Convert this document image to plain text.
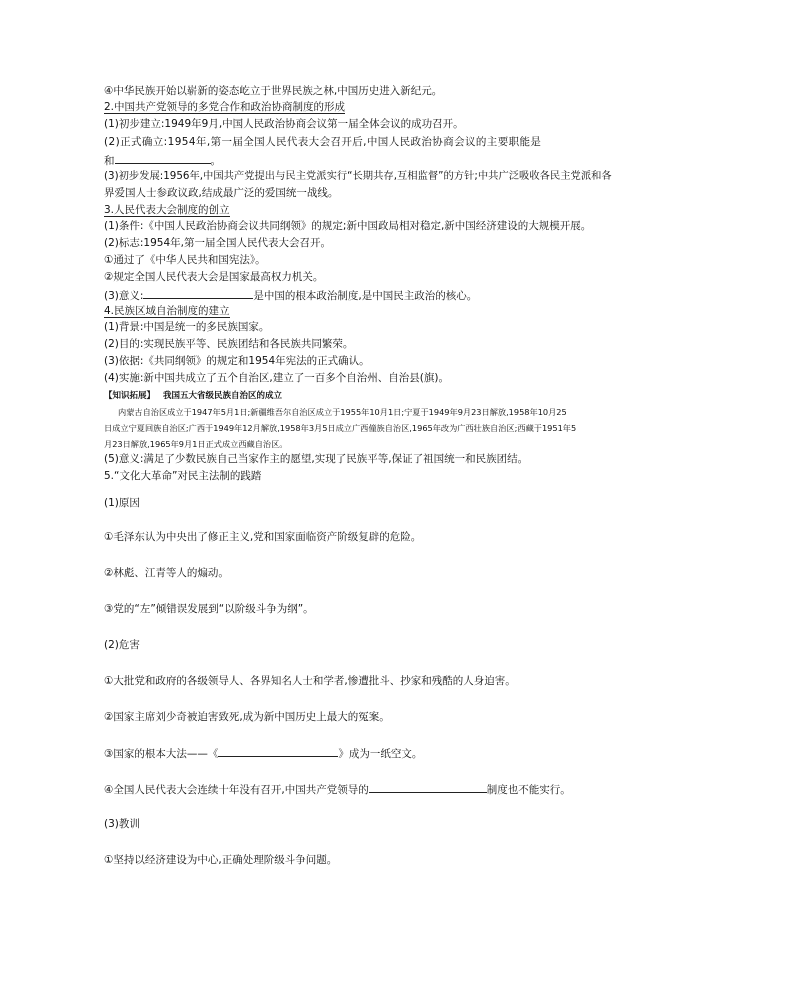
④中华民族开始以崭新的姿态屹立于世界民族之林,中国历史进入新纪元。
2.中国共产党领导的多党合作和政治协商制度的形成
(1)初步建立:1949年9月,中国人民政治协商会议第一届全体会议的成功召开。
(2)正式确立:1954年,第一届全国人民代表大会召开后,中国人民政治协商会议的主要职能是
和	。
(3)初步发展:1956年,中国共产党提出与民主党派实行“长期共存,互相监督”的方针;中共广泛吸收各民主党派和各
界爱国人士参政议政,结成最广泛的爱国统一战线。
3.人民代表大会制度的创立
(1)条件:《中国人民政治协商会议共同纲领》的规定;新中国政局相对稳定,新中国经济建设的大规模开展。
(2)标志:1954年,第一届全国人民代表大会召开。
①通过了《中华人民共和国宪法》。
②规定全国人民代表大会是国家最高权力机关。
(3)意义:	是中国的根本政治制度,是中国民主政治的核心。
4.民族区域自治制度的建立
(1)背景:中国是统一的多民族国家。
(2)目的:实现民族平等、民族团结和各民族共同繁荣。
(3)依据:《共同纲领》的规定和1954年宪法的正式确认。
(4)实施:新中国共成立了五个自治区,建立了一百多个自治州、自治县(旗)。
【知识拓展】 我国五大省级民族自治区的成立
内蒙古自治区成立于1947年5月1日;新疆维吾尔自治区成立于1955年10月1日;宁夏于1949年9月23日解放,1958年10月25
日成立宁夏回族自治区;广西于1949年12月解放,1958年3月5日成立广西僮族自治区,1965年改为广西壮族自治区;西藏于1951年5
月23日解放,1965年9月1日正式成立西藏自治区。
(5)意义:满足了少数民族自己当家作主的愿望,实现了民族平等,保证了祖国统一和民族团结。
5.“文化大革命”对民主法制的践踏
(1)原因
①毛泽东认为中央出了修正主义,党和国家面临资产阶级复辟的危险。
②林彪、江青等人的煽动。
③党的“左”倾错误发展到“以阶级斗争为纲”。
(2)危害
①大批党和政府的各级领导人、各界知名人士和学者,惨遭批斗、抄家和残酷的人身迫害。
②国家主席刘少奇被迫害致死,成为新中国历史上最大的冤案。
③国家的根本大法——《	》成为一纸空文。
④全国人民代表大会连续十年没有召开,中国共产党领导的	制度也不能实行。
(3)教训
①坚持以经济建设为中心,正确处理阶级斗争问题。
